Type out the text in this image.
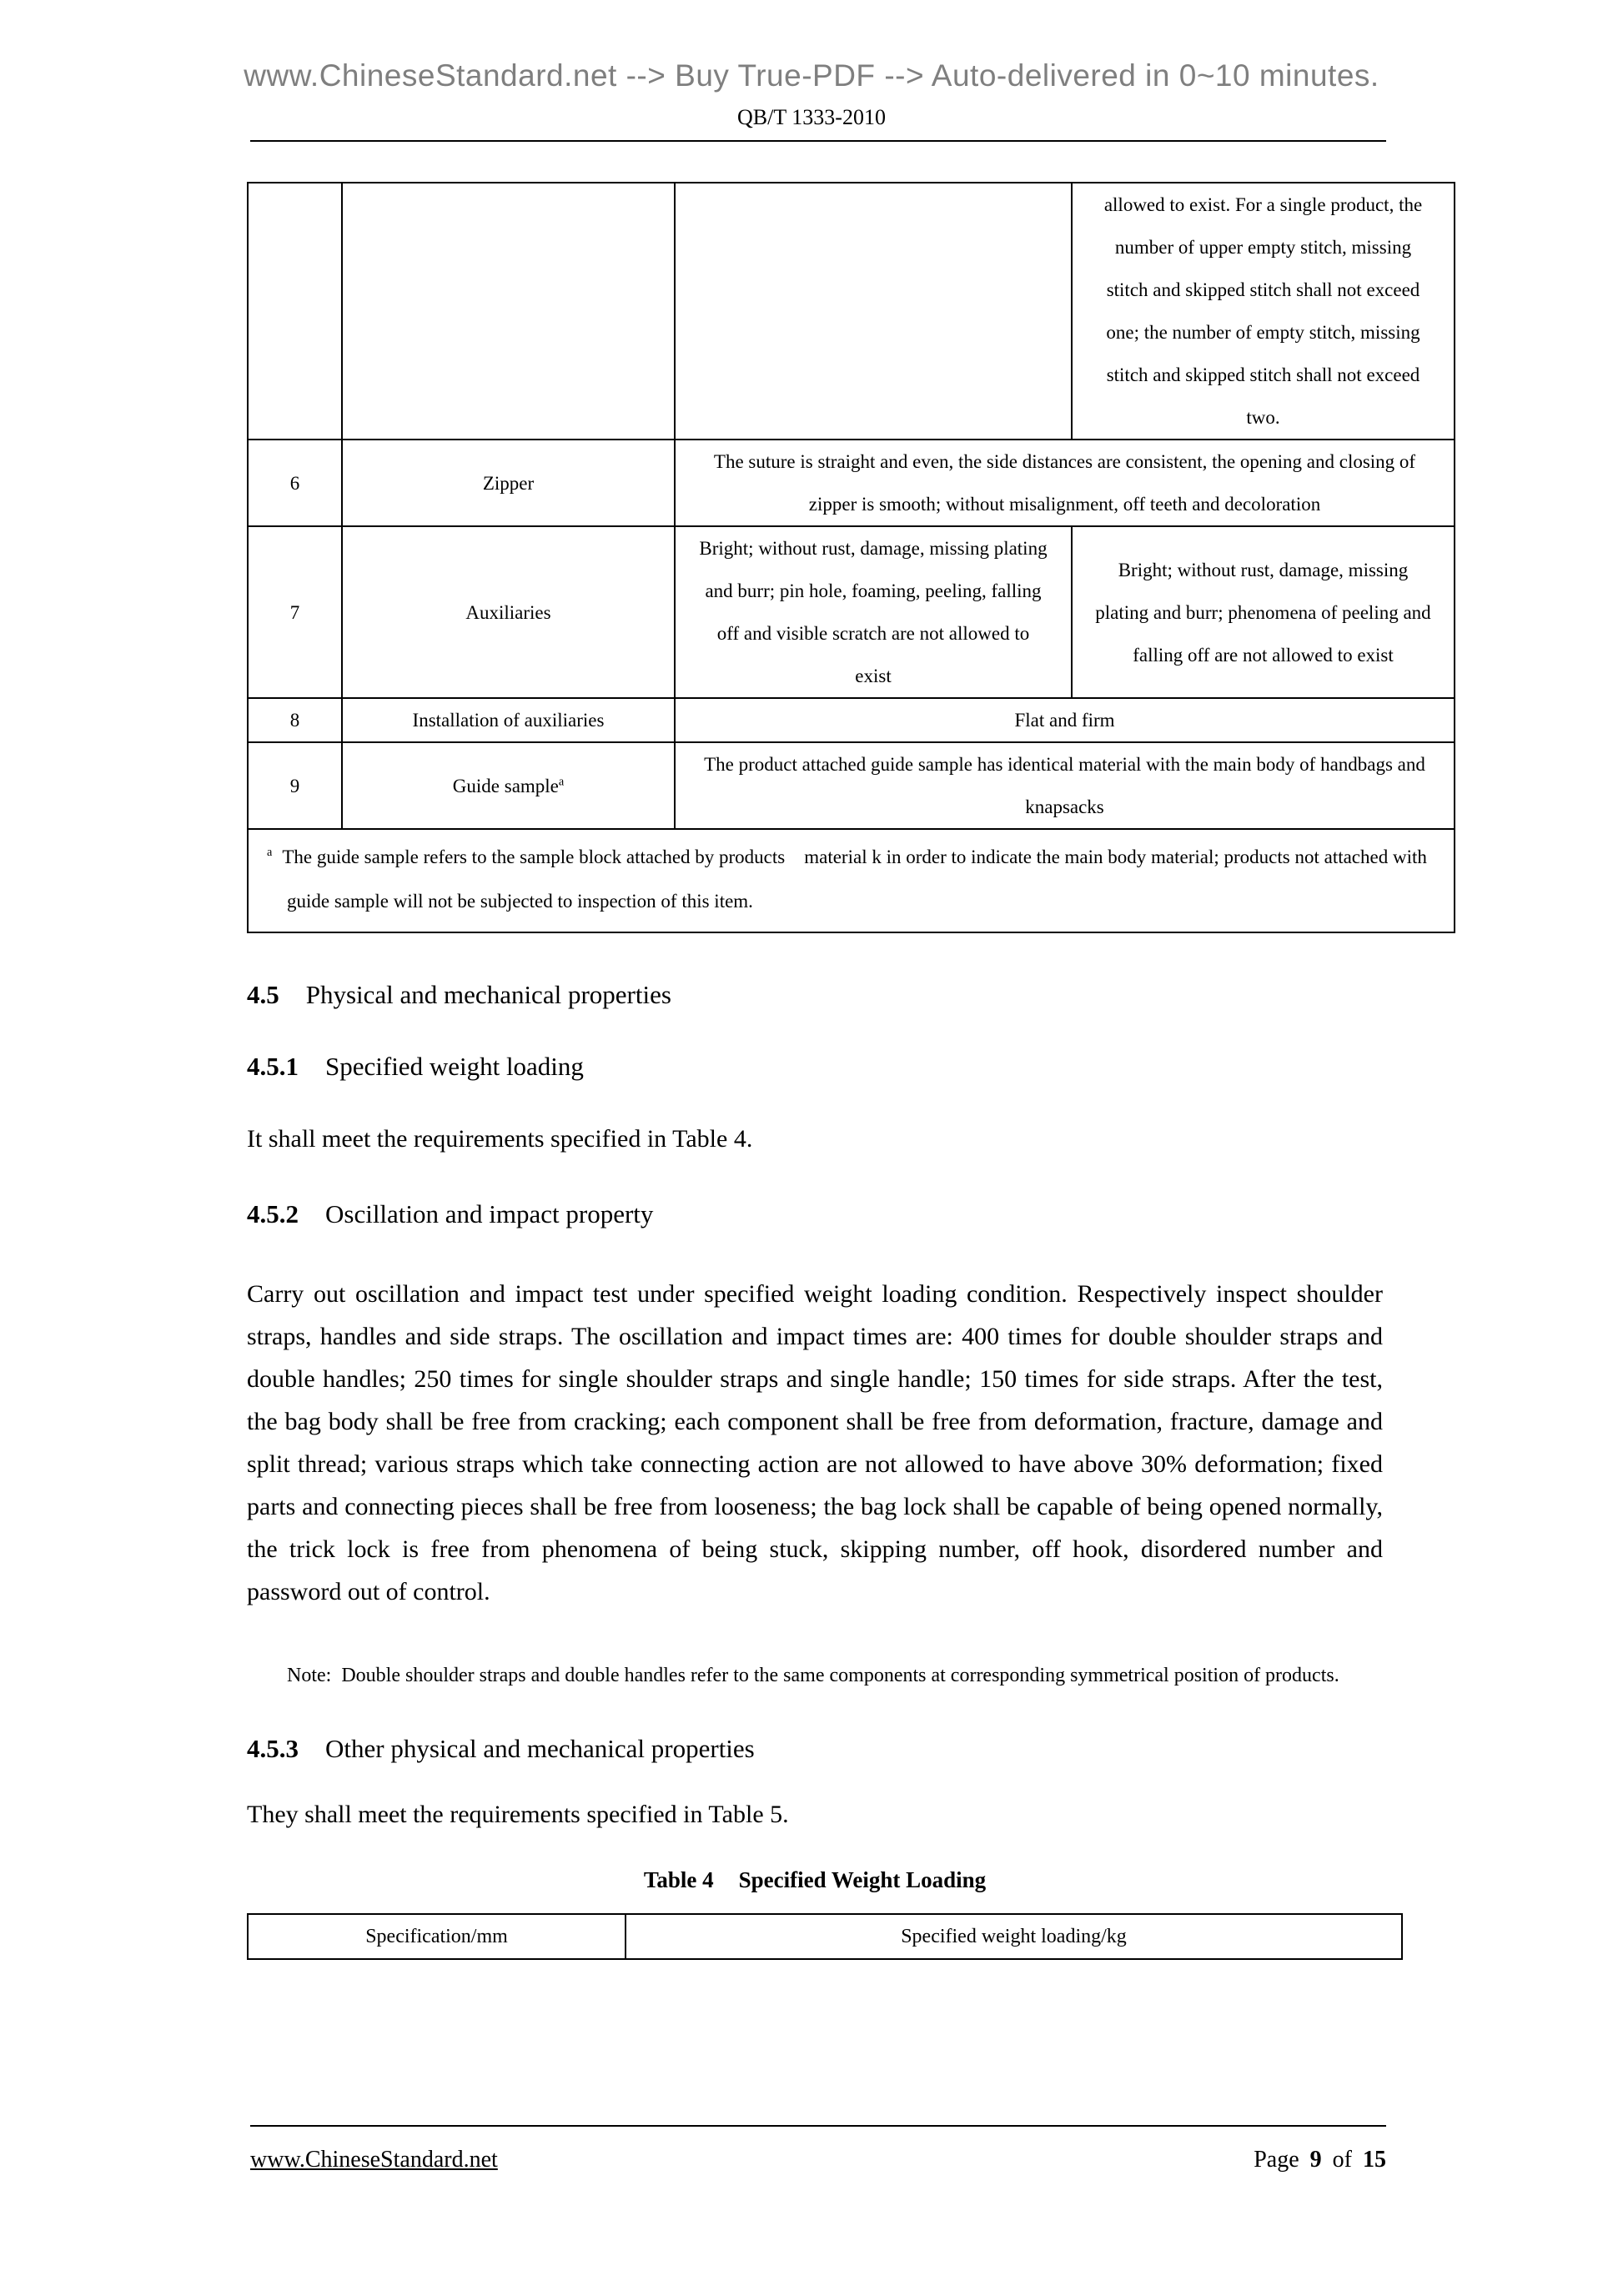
www.ChineseStandard.net --> Buy True-PDF --> Auto-delivered in 0~10 minutes.
QB/T 1333-2010
			allowed to exist. For a single product, the number of upper empty stitch, missing stitch and skipped stitch shall not exceed one; the number of empty stitch, missing stitch and skipped stitch shall not exceed two.
6	Zipper	The suture is straight and even, the side distances are consistent, the opening and closing of zipper is smooth; without misalignment, off teeth and decoloration	
7	Auxiliaries	Bright; without rust, damage, missing plating and burr; pin hole, foaming, peeling, falling off and visible scratch are not allowed to exist	Bright; without rust, damage, missing plating and burr; phenomena of peeling and falling off are not allowed to exist
8	Installation of auxiliaries	Flat and firm	
9	Guide sample$^a$	The product attached guide sample has identical material with the main body of handbags and knapsacks	
$^a$ The guide sample refers to the sample block attached by products    material k in order to indicate the main body material; products not attached with guide sample will not be subjected to inspection of this item.			
4.5 Physical and mechanical properties
4.5.1 Specified weight loading
It shall meet the requirements specified in Table 4.
4.5.2 Oscillation and impact property
Carry out oscillation and impact test under specified weight loading condition. Respectively inspect shoulder straps, handles and side straps. The oscillation and impact times are: 400 times for double shoulder straps and double handles; 250 times for single shoulder straps and single handle; 150 times for side straps. After the test, the bag body shall be free from cracking; each component shall be free from deformation, fracture, damage and split thread; various straps which take connecting action are not allowed to have above 30% deformation; fixed parts and connecting pieces shall be free from looseness; the bag lock shall be capable of being opened normally, the trick lock is free from phenomena of being stuck, skipping number, off hook, disordered number and password out of control.
Note: Double shoulder straps and double handles refer to the same components at corresponding symmetrical position of products.
4.5.3 Other physical and mechanical properties
They shall meet the requirements specified in Table 5.
Table 4 Specified Weight Loading
Specification/mm	Specified weight loading/kg
www.ChineseStandard.net	Page 9 of 15
